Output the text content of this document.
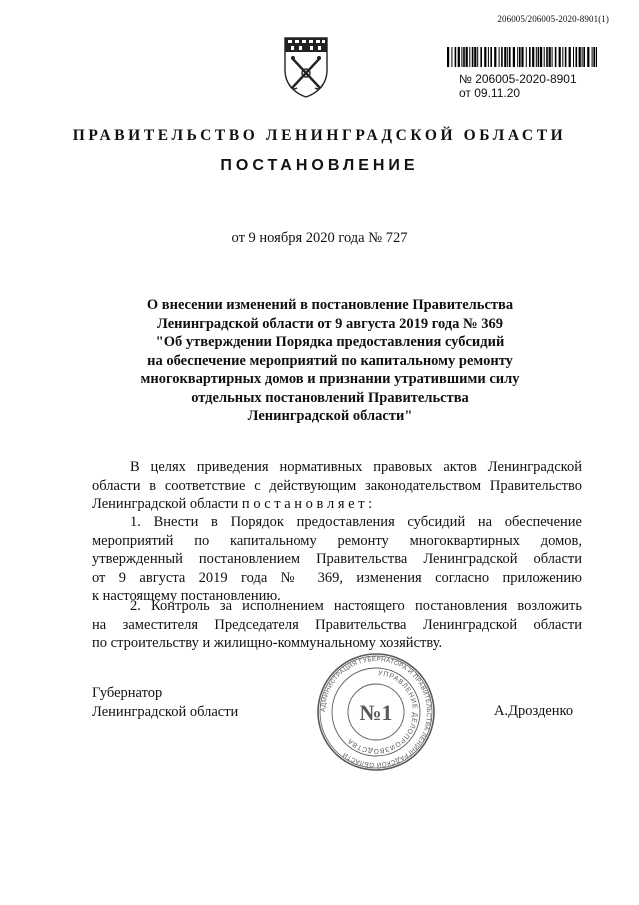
206005/206005-2020-8901(1)
№ 206005-2020-8901
от 09.11.20
ПРАВИТЕЛЬСТВО ЛЕНИНГРАДСКОЙ ОБЛАСТИ
ПОСТАНОВЛЕНИЕ
от 9 ноября 2020 года № 727
О внесении изменений в постановление Правительства
Ленинградской области от 9 августа 2019 года № 369
"Об утверждении Порядка предоставления субсидий
на обеспечение мероприятий по капитальному ремонту
многоквартирных домов и признании утратившими силу
отдельных постановлений Правительства
Ленинградской области"
В целях приведения нормативных правовых актов Ленинградской
области в соответствие с действующим законодательством Правительство
Ленинградской области п о с т а н о в л я е т :
1. Внести в Порядок предоставления субсидий на обеспечение
мероприятий по капитальному ремонту многоквартирных домов,
утвержденный постановлением Правительства Ленинградской области
от 9 августа 2019 года № 369, изменения согласно приложению
к настоящему постановлению.
2. Контроль за исполнением настоящего постановления возложить
на заместителя Председателя Правительства Ленинградской области
по строительству и жилищно-коммунальному хозяйству.
Губернатор
Ленинградской области	АДМИНИСТРАЦИЯ ГУБЕРНАТОРА И ПРАВИТЕЛЬСТВА ЛЕНИНГРАДСКОЙ ОБЛАСТИ
УПРАВЛЕНИЕ ДЕЛОПРОИЗВОДСТВА
№1	А.Дрозденко
